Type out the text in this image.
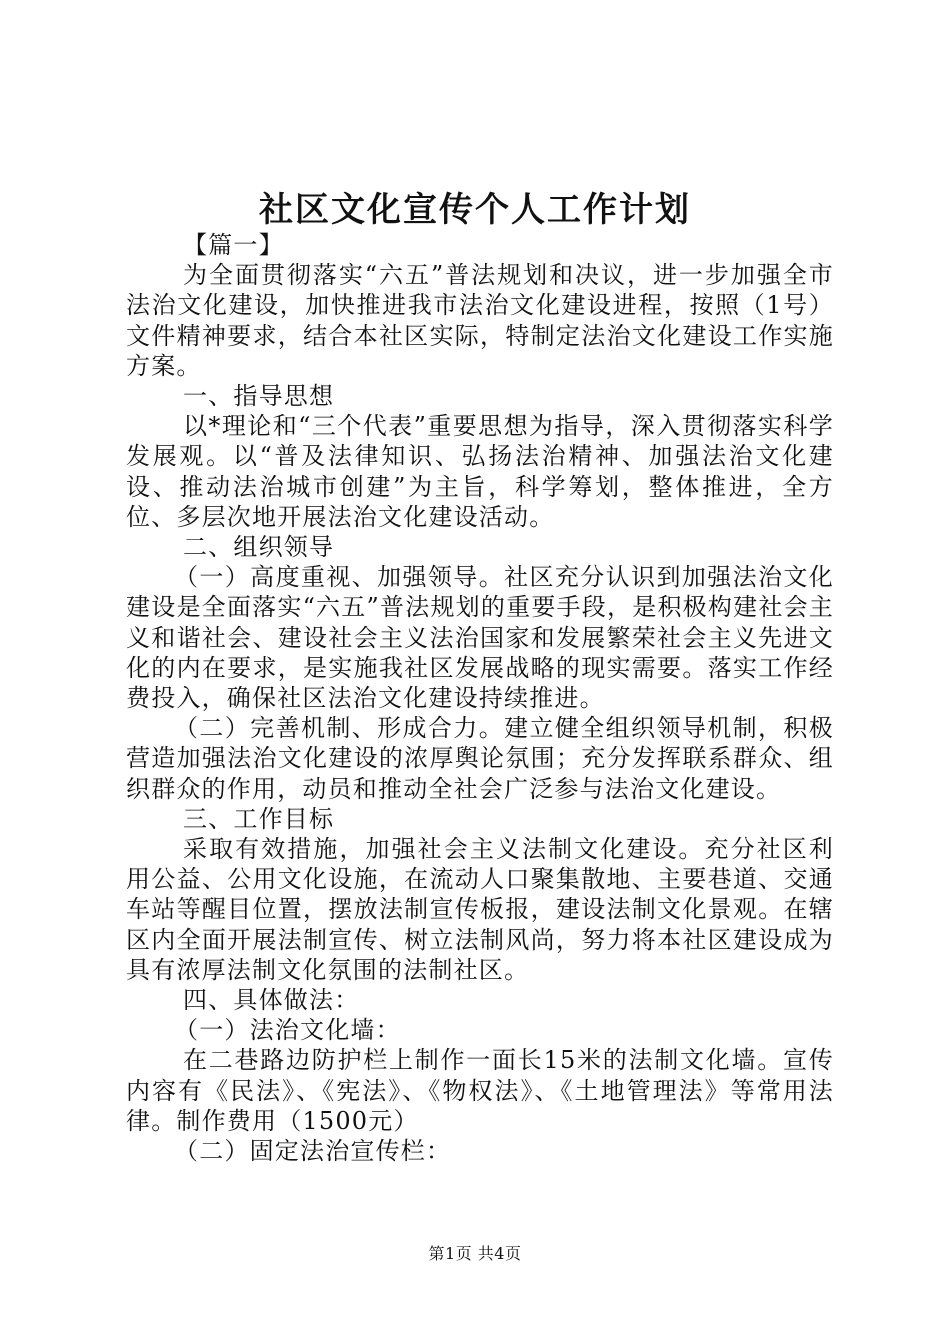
社区文化宣传个人工作计划

【篇一】

为全面贯彻落实“六五”普法规划和决议，进一步加强全市法治文化建设，加快推进我市法治文化建设进程，按照（1号）文件精神要求，结合本社区实际，特制定法治文化建设工作实施方案。

一、指导思想

以*理论和“三个代表”重要思想为指导，深入贯彻落实科学发展观。以“普及法律知识、弘扬法治精神、加强法治文化建设、推动法治城市创建”为主旨，科学筹划，整体推进，全方位、多层次地开展法治文化建设活动。

二、组织领导

（一）高度重视、加强领导。社区充分认识到加强法治文化建设是全面落实“六五”普法规划的重要手段，是积极构建社会主义和谐社会、建设社会主义法治国家和发展繁荣社会主义先进文化的内在要求，是实施我社区发展战略的现实需要。落实工作经费投入，确保社区法治文化建设持续推进。

（二）完善机制、形成合力。建立健全组织领导机制，积极营造加强法治文化建设的浓厚舆论氛围；充分发挥联系群众、组织群众的作用，动员和推动全社会广泛参与法治文化建设。

三、工作目标

采取有效措施，加强社会主义法制文化建设。充分社区利用公益、公用文化设施，在流动人口聚集散地、主要巷道、交通车站等醒目位置，摆放法制宣传板报，建设法制文化景观。在辖区内全面开展法制宣传、树立法制风尚，努力将本社区建设成为具有浓厚法制文化氛围的法制社区。

四、具体做法：

（一）法治文化墙：

在二巷路边防护栏上制作一面长15米的法制文化墙。宣传内容有《民法》、《宪法》、《物权法》、《土地管理法》等常用法律。制作费用（1500元）

（二）固定法治宣传栏：

第1页 共4页
